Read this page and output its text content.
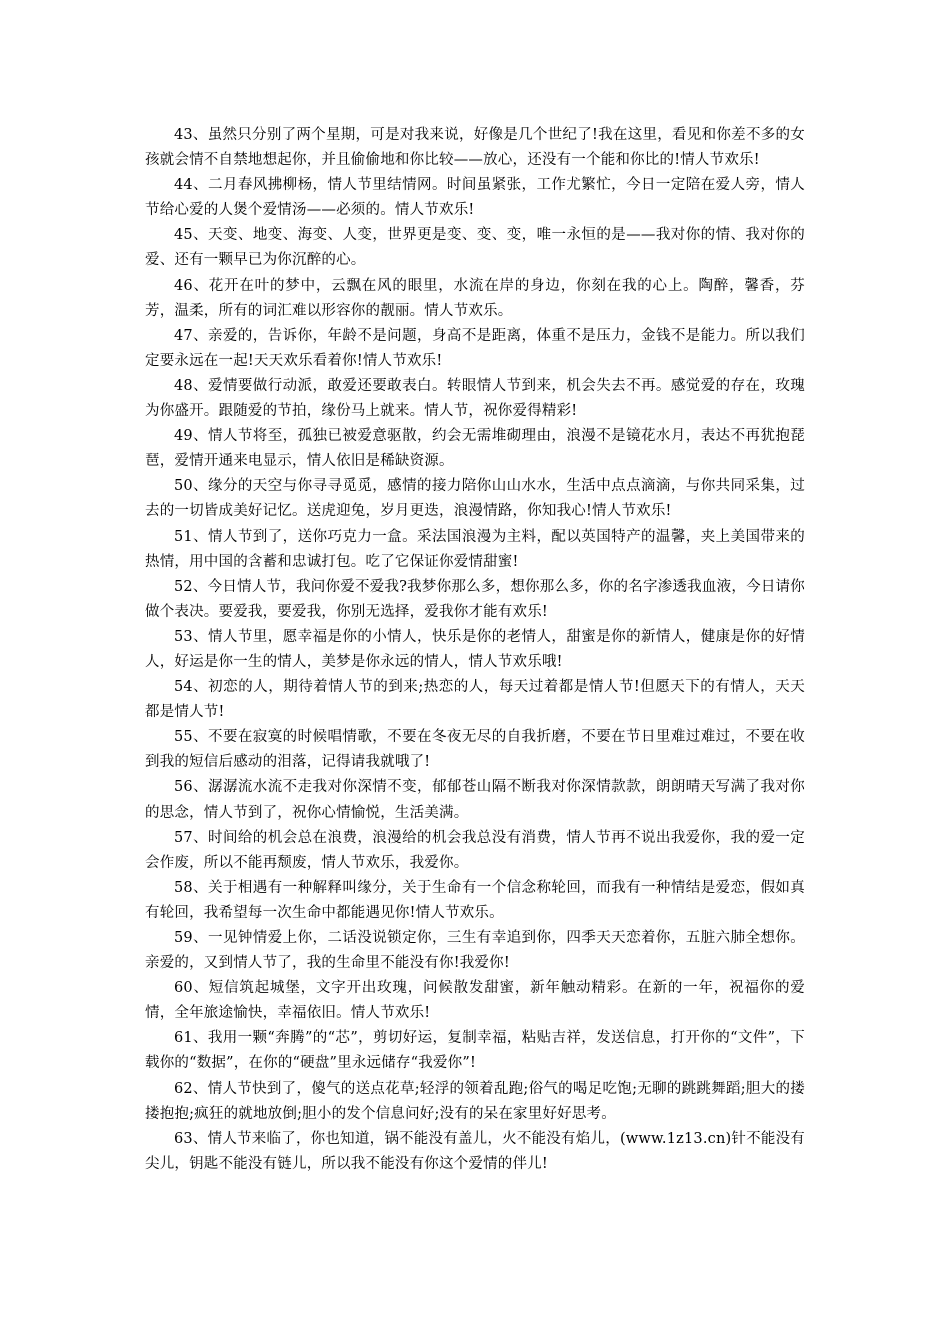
43、虽然只分别了两个星期，可是对我来说，好像是几个世纪了!我在这里，看见和你差不多的女孩就会情不自禁地想起你，并且偷偷地和你比较——放心，还没有一个能和你比的!情人节欢乐!

44、二月春风拂柳杨，情人节里结情网。时间虽紧张，工作尤繁忙，今日一定陪在爱人旁，情人节给心爱的人煲个爱情汤——必须的。情人节欢乐!

45、天变、地变、海变、人变，世界更是变、变、变，唯一永恒的是——我对你的情、我对你的爱、还有一颗早已为你沉醉的心。

46、花开在叶的梦中，云飘在风的眼里，水流在岸的身边，你刻在我的心上。陶醉，馨香，芬芳，温柔，所有的词汇难以形容你的靓丽。情人节欢乐。

47、亲爱的，告诉你，年龄不是问题，身高不是距离，体重不是压力，金钱不是能力。所以我们定要永远在一起!天天欢乐看着你!情人节欢乐!

48、爱情要做行动派，敢爱还要敢表白。转眼情人节到来，机会失去不再。感觉爱的存在，玫瑰为你盛开。跟随爱的节拍，缘份马上就来。情人节，祝你爱得精彩!

49、情人节将至，孤独已被爱意驱散，约会无需堆砌理由，浪漫不是镜花水月，表达不再犹抱琵琶，爱情开通来电显示，情人依旧是稀缺资源。

50、缘分的天空与你寻寻觅觅，感情的接力陪你山山水水，生活中点点滴滴，与你共同采集，过去的一切皆成美好记忆。送虎迎兔，岁月更迭，浪漫情路，你知我心!情人节欢乐!

51、情人节到了，送你巧克力一盒。采法国浪漫为主料，配以英国特产的温馨，夹上美国带来的热情，用中国的含蓄和忠诚打包。吃了它保证你爱情甜蜜!

52、今日情人节，我问你爱不爱我?我梦你那么多，想你那么多，你的名字渗透我血液，今日请你做个表决。要爱我，要爱我，你别无选择，爱我你才能有欢乐!

53、情人节里，愿幸福是你的小情人，快乐是你的老情人，甜蜜是你的新情人，健康是你的好情人，好运是你一生的情人，美梦是你永远的情人，情人节欢乐哦!

54、初恋的人，期待着情人节的到来;热恋的人，每天过着都是情人节!但愿天下的有情人，天天都是情人节!

55、不要在寂寞的时候唱情歌，不要在冬夜无尽的自我折磨，不要在节日里难过难过，不要在收到我的短信后感动的泪落，记得请我就哦了!

56、潺潺流水流不走我对你深情不变，郁郁苍山隔不断我对你深情款款，朗朗晴天写满了我对你的思念，情人节到了，祝你心情愉悦，生活美满。

57、时间给的机会总在浪费，浪漫给的机会我总没有消费，情人节再不说出我爱你，我的爱一定会作废，所以不能再颓废，情人节欢乐，我爱你。

58、关于相遇有一种解释叫缘分，关于生命有一个信念称轮回，而我有一种情结是爱恋，假如真有轮回，我希望每一次生命中都能遇见你!情人节欢乐。

59、一见钟情爱上你，二话没说锁定你，三生有幸追到你，四季天天恋着你，五脏六肺全想你。亲爱的，又到情人节了，我的生命里不能没有你!我爱你!

60、短信筑起城堡，文字开出玫瑰，问候散发甜蜜，新年触动精彩。在新的一年，祝福你的爱情，全年旅途愉快，幸福依旧。情人节欢乐!

61、我用一颗“奔腾”的“芯”，剪切好运，复制幸福，粘贴吉祥，发送信息，打开你的“文件”，下载你的“数据”，在你的“硬盘”里永远储存“我爱你”!

62、情人节快到了，傻气的送点花草;轻浮的领着乱跑;俗气的喝足吃饱;无聊的跳跳舞蹈;胆大的搂搂抱抱;疯狂的就地放倒;胆小的发个信息问好;没有的呆在家里好好思考。

63、情人节来临了，你也知道，锅不能没有盖儿，火不能没有焰儿，(www.1z13.cn)针不能没有尖儿，钥匙不能没有链儿，所以我不能没有你这个爱情的伴儿!
